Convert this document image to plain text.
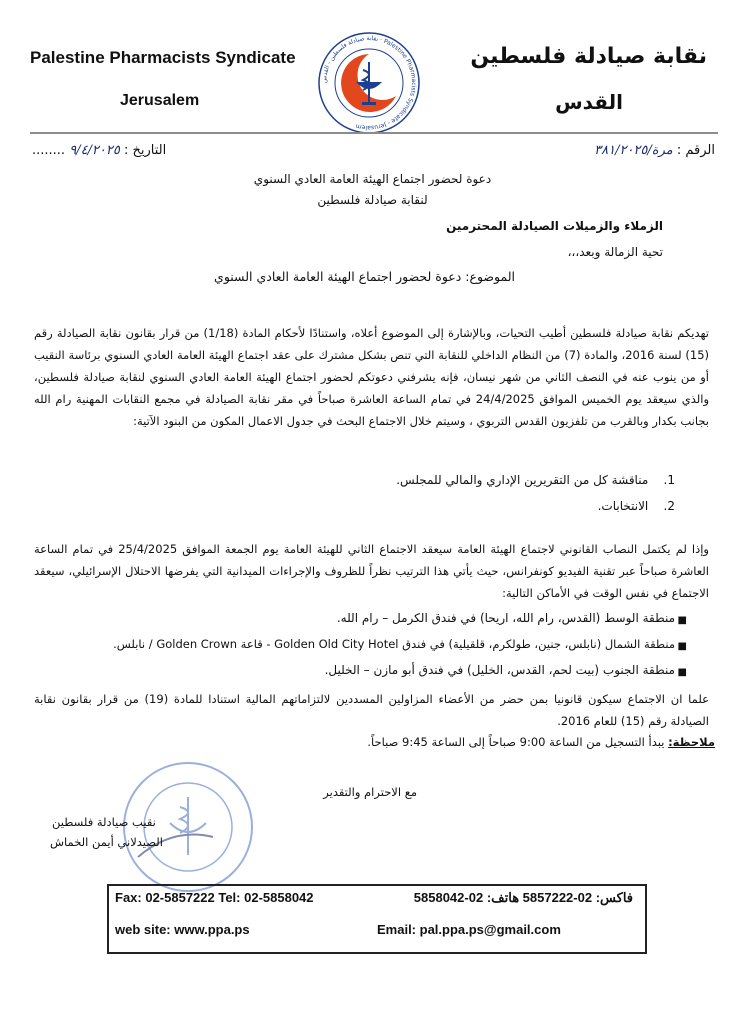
Palestine Pharmacists Syndicate
Jerusalem
نقابة صيادلة فلسطين
القدس
نقابة صيادلة فلسطين - القدس · Palestine Pharmacists Syndicate - Jerusalem
الرقم : مرة/٣٨١/٢٠٢٥
التاريخ : ٩/٤/٢٠٢٥ ........
دعوة لحضور اجتماع الهيئة العامة العادي السنوي
لنقابة صيادلة فلسطين
الزملاء والزميلات الصيادلة المحترمين
تحية الزمالة وبعد،،،
الموضوع: دعوة لحضور اجتماع الهيئة العامة العادي السنوي
تهديكم نقابة صيادلة فلسطين أطيب التحيات، وبالإشارة إلى الموضوع أعلاه، واستنادًا لأحكام المادة (1/18) من قرار بقانون نقابة الصيادلة رقم (15) لسنة 2016، والمادة (7) من النظام الداخلي للنقابة التي تنص بشكل مشترك على عقد اجتماع الهيئة العامة العادي السنوي برئاسة النقيب أو من ينوب عنه في النصف الثاني من شهر نيسان، فإنه يشرفني دعوتكم لحضور اجتماع الهيئة العامة العادي السنوي لنقابة صيادلة فلسطين، والذي سيعقد يوم الخميس الموافق 24/4/2025 في تمام الساعة العاشرة صباحاً في مقر نقابة الصيادلة في مجمع النقابات المهنية رام الله بجانب بكدار وبالقرب من تلفزيون القدس التربوي ، وسيتم خلال الاجتماع البحث في جدول الاعمال المكون من البنود الآتية:
1.    مناقشة كل من التقريرين الإداري والمالي للمجلس.
2.    الانتخابات.
وإذا لم يكتمل النصاب القانوني لاجتماع الهيئة العامة سيعقد الاجتماع الثاني للهيئة العامة يوم الجمعة الموافق 25/4/2025 في تمام الساعة العاشرة صباحاً عبر تقنية الفيديو كونفرانس، حيث يأتي هذا الترتيب نظراً للظروف والإجراءات الميدانية التي يفرضها الاحتلال الإسرائيلي، سيعقد الاجتماع في نفس الوقت في الأماكن التالية:
■
منطقة الوسط (القدس، رام الله، اريحا) في فندق الكرمل – رام الله.
■
منطقة الشمال (نابلس، جنين، طولكرم، قلقيلية) في فندق Golden Old City Hotel - قاعة Golden Crown / نابلس.
■
منطقة الجنوب (بيت لحم، القدس، الخليل) في فندق أبو مازن – الخليل.
علما ان الاجتماع سيكون قانونيا بمن حضر من الأعضاء المزاولين المسددين لالتزاماتهم المالية استنادا للمادة (19) من قرار بقانون نقابة الصيادلة رقم (15) للعام 2016.
ملاحظة: يبدأ التسجيل من الساعة 9:00 صباحاً إلى الساعة 9:45 صباحاً.
مع الاحترام والتقدير
نقيب صيادلة فلسطين
الصيدلاني أيمن الخماش
Fax: 02-5857222 Tel: 02-5858042	فاكس: 02-5857222 هاتف: 02-5858042
web site: www.ppa.ps	Email: pal.ppa.ps@gmail.com
